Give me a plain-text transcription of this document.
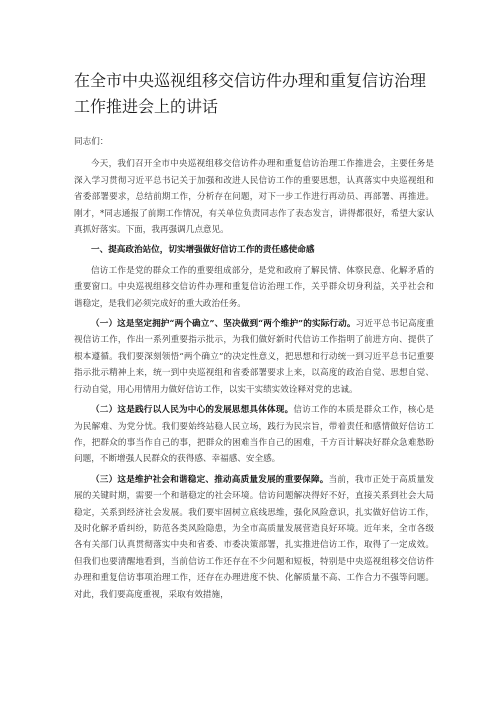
在全市中央巡视组移交信访件办理和重复信访治理工作推进会上的讲话

同志们：

今天，我们召开全市中央巡视组移交信访件办理和重复信访治理工作推进会，主要任务是深入学习贯彻习近平总书记关于加强和改进人民信访工作的重要思想，认真落实中央巡视组和省委部署要求，总结前期工作，分析存在问题，对下一步工作进行再动员、再部署、再推进。刚才，*同志通报了前期工作情况，有关单位负责同志作了表态发言，讲得都很好，希望大家认真抓好落实。下面，我再强调几点意见。

一、提高政治站位，切实增强做好信访工作的责任感使命感

信访工作是党的群众工作的重要组成部分，是党和政府了解民情、体察民意、化解矛盾的重要窗口。中央巡视组移交信访件办理和重复信访治理工作，关乎群众切身利益，关乎社会和谐稳定，是我们必须完成好的重大政治任务。

（一）这是坚定拥护“两个确立”、坚决做到“两个维护”的实际行动。习近平总书记高度重视信访工作，作出一系列重要指示批示，为我们做好新时代信访工作指明了前进方向、提供了根本遵循。我们要深刻领悟“两个确立”的决定性意义，把思想和行动统一到习近平总书记重要指示批示精神上来，统一到中央巡视组和省委部署要求上来，以高度的政治自觉、思想自觉、行动自觉，用心用情用力做好信访工作，以实干实绩实效诠释对党的忠诚。

（二）这是践行以人民为中心的发展思想具体体现。信访工作的本质是群众工作，核心是为民解难、为党分忧。我们要始终站稳人民立场，践行为民宗旨，带着责任和感情做好信访工作，把群众的事当作自己的事，把群众的困难当作自己的困难，千方百计解决好群众急难愁盼问题，不断增强人民群众的获得感、幸福感、安全感。

（三）这是维护社会和谐稳定、推动高质量发展的重要保障。当前，我市正处于高质量发展的关键时期，需要一个和谐稳定的社会环境。信访问题解决得好不好，直接关系到社会大局稳定，关系到经济社会发展。我们要牢固树立底线思维，强化风险意识，扎实做好信访工作，及时化解矛盾纠纷，防范各类风险隐患，为全市高质量发展营造良好环境。近年来，全市各级各有关部门认真贯彻落实中央和省委、市委决策部署，扎实推进信访工作，取得了一定成效。但我们也要清醒地看到，当前信访工作还存在不少问题和短板，特别是中央巡视组移交信访件办理和重复信访事项治理工作，还存在办理进度不快、化解质量不高、工作合力不强等问题。对此，我们要高度重视，采取有效措施，
